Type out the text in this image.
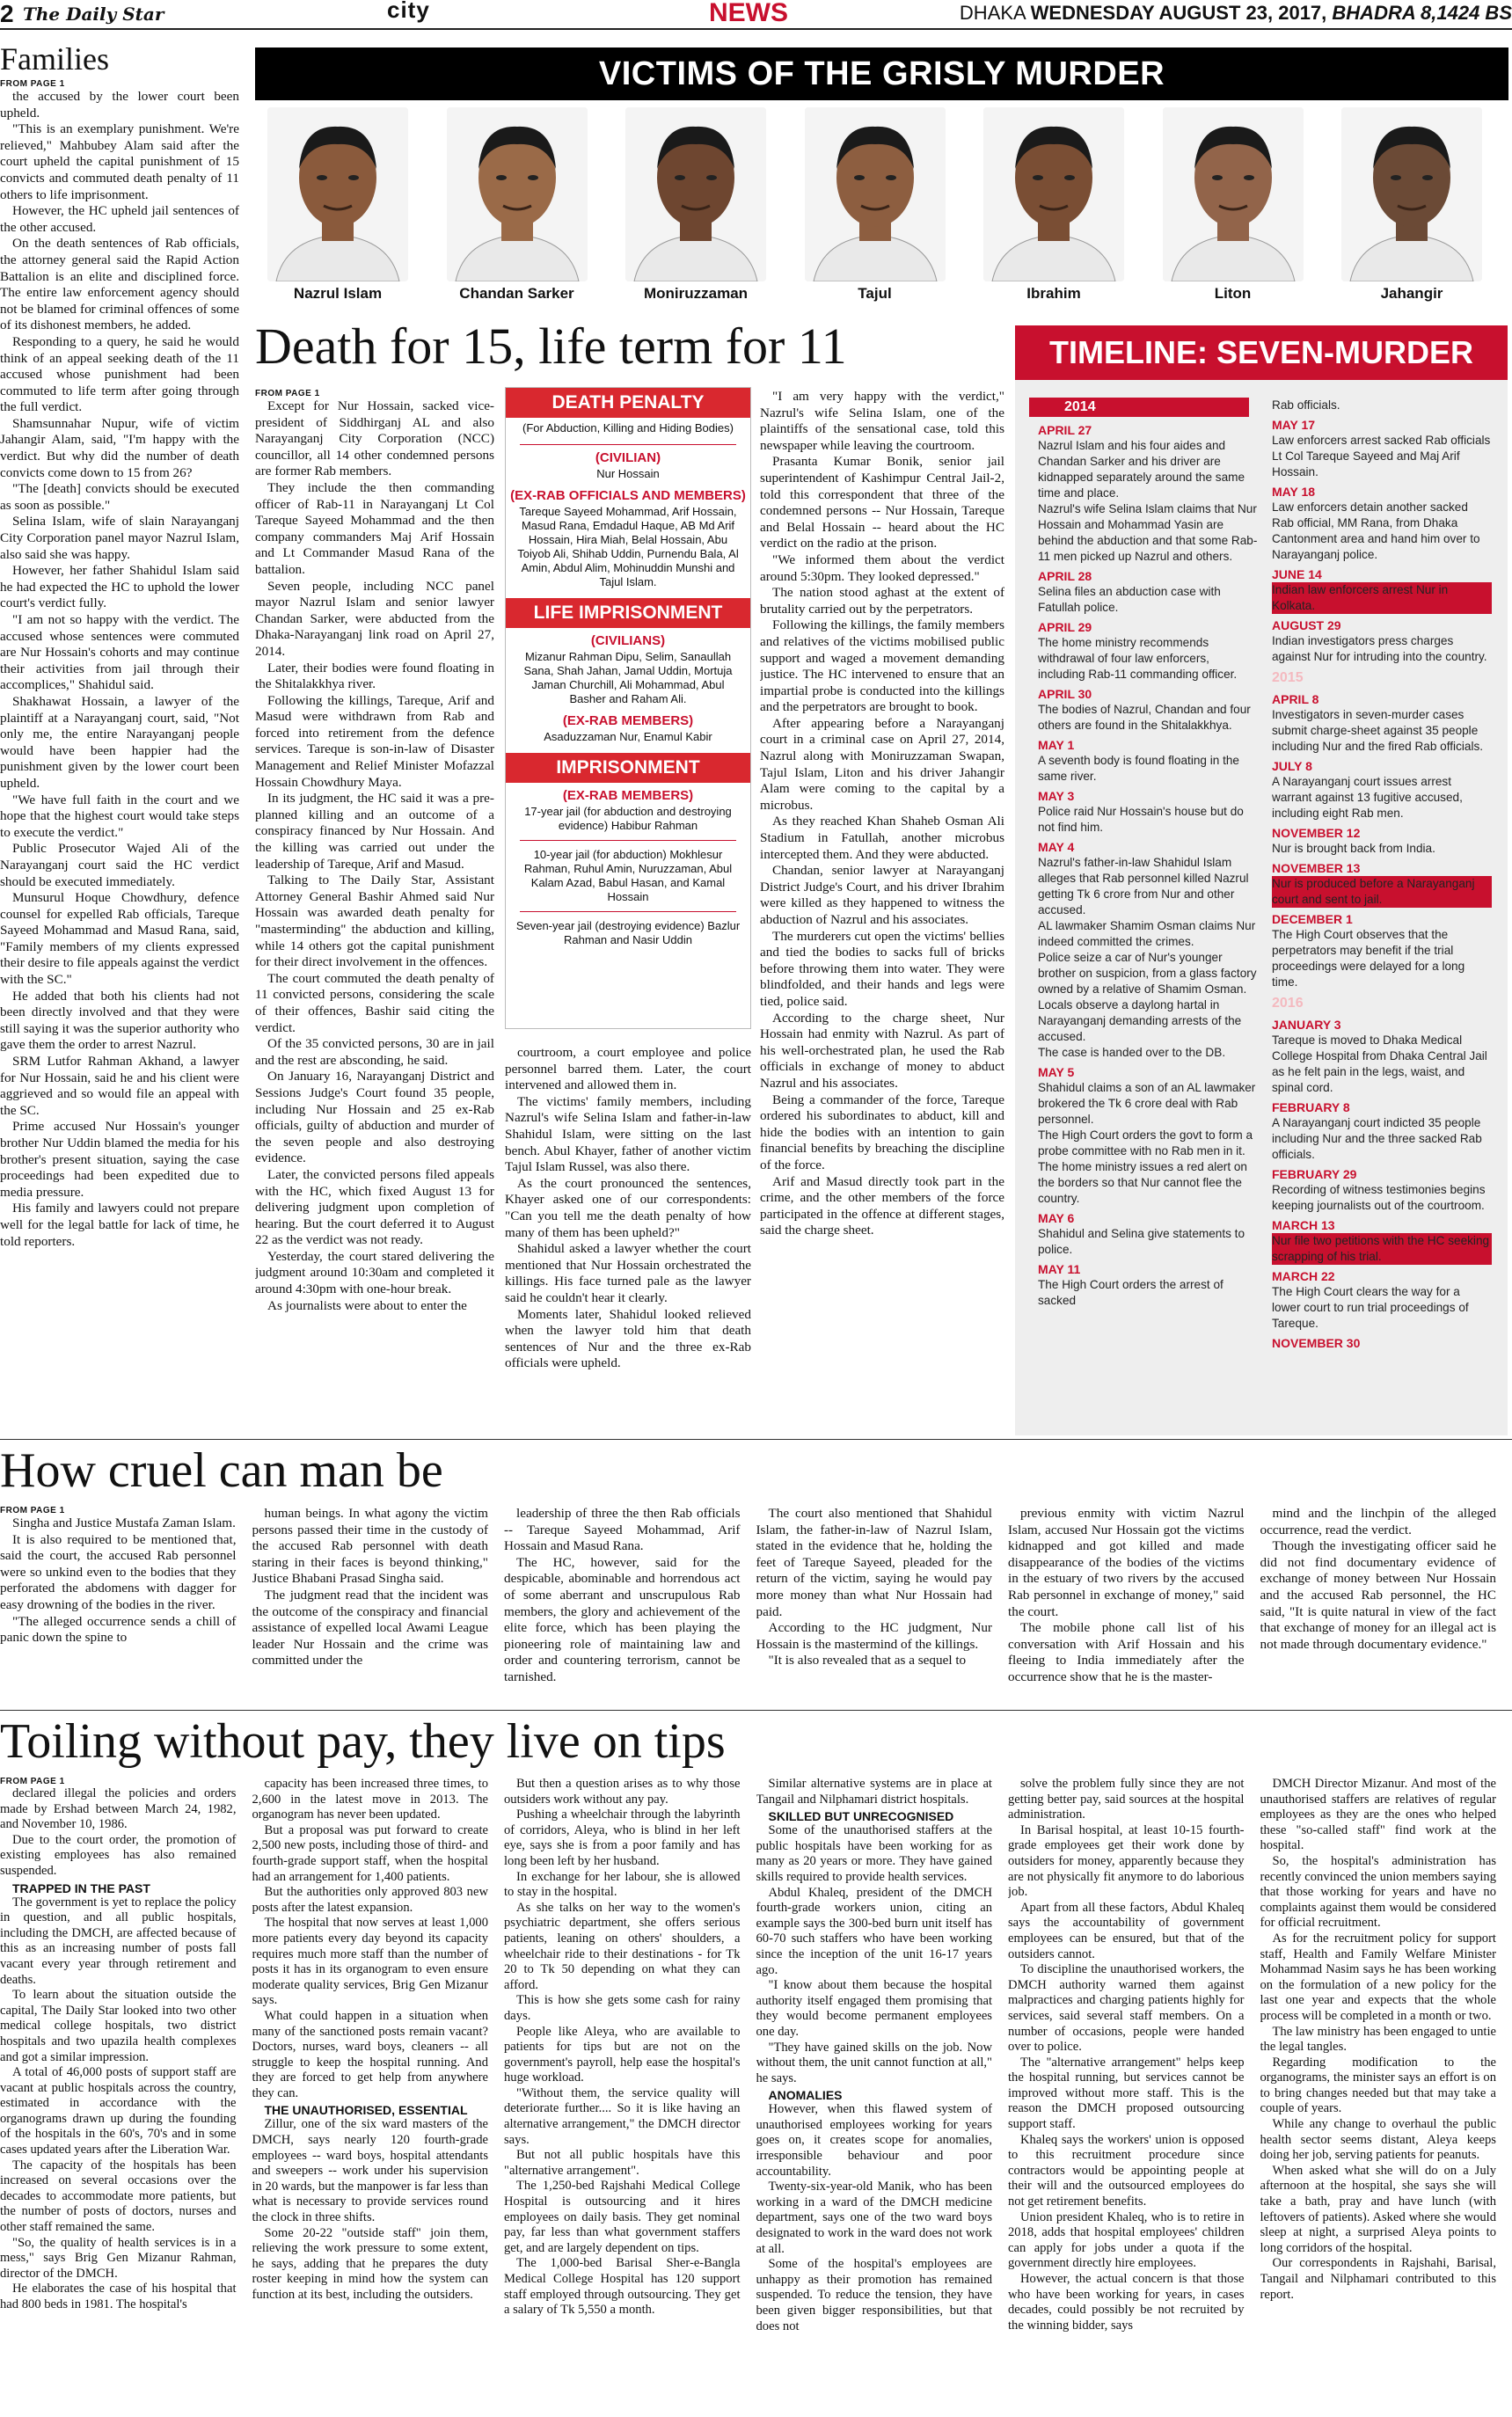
2 The Daily Star	city	NEWS	DHAKA WEDNESDAY AUGUST 23, 2017, BHADRA 8,1424 BS
Families
FROM PAGE 1

the accused by the lower court been upheld.

"This is an exemplary punishment. We're relieved," Mahbubey Alam said after the court upheld the capital punishment of 15 convicts and commuted death penalty of 11 others to life imprisonment.

However, the HC upheld jail sentences of the other accused.

On the death sentences of Rab officials, the attorney general said the Rapid Action Battalion is an elite and disciplined force. The entire law enforcement agency should not be blamed for criminal offences of some of its dishonest members, he added.

Responding to a query, he said he would think of an appeal seeking death of the 11 accused whose punishment had been commuted to life term after going through the full verdict.

Shamsunnahar Nupur, wife of victim Jahangir Alam, said, "I'm happy with the verdict. But why did the number of death convicts come down to 15 from 26?

"The [death] convicts should be executed as soon as possible."

Selina Islam, wife of slain Narayanganj City Corporation panel mayor Nazrul Islam, also said she was happy.

However, her father Shahidul Islam said he had expected the HC to uphold the lower court's verdict fully.

"I am not so happy with the verdict. The accused whose sentences were commuted are Nur Hossain's cohorts and may continue their activities from jail through their accomplices," Shahidul said.

Shakhawat Hossain, a lawyer of the plaintiff at a Narayanganj court, said, "Not only me, the entire Narayanganj people would have been happier had the punishment given by the lower court been upheld.

"We have full faith in the court and we hope that the highest court would take steps to execute the verdict."

Public Prosecutor Wajed Ali of the Narayanganj court said the HC verdict should be executed immediately.

Munsurul Hoque Chowdhury, defence counsel for expelled Rab officials, Tareque Sayeed Mohammad and Masud Rana, said, "Family members of my clients expressed their desire to file appeals against the verdict with the SC."

He added that both his clients had not been directly involved and that they were still saying it was the superior authority who gave them the order to arrest Nazrul.

SRM Lutfor Rahman Akhand, a lawyer for Nur Hossain, said he and his client were aggrieved and so would file an appeal with the SC.

Prime accused Nur Hossain's younger brother Nur Uddin blamed the media for his brother's present situation, saying the case proceedings had been expedited due to media pressure.

His family and lawyers could not prepare well for the legal battle for lack of time, he told reporters.

VICTIMS OF THE GRISLY MURDER
Nazrul Islam	Chandan Sarker	Moniruzzaman	Tajul	Ibrahim	Liton	Jahangir
Death for 15, life term for 11
FROM PAGE 1

Except for Nur Hossain, sacked vice-president of Siddhirganj AL and also Narayanganj City Corporation (NCC) councillor, all 14 other condemned persons are former Rab members.

They include the then commanding officer of Rab-11 in Narayanganj Lt Col Tareque Sayeed Mohammad and the then company commanders Maj Arif Hossain and Lt Commander Masud Rana of the battalion.

Seven people, including NCC panel mayor Nazrul Islam and senior lawyer Chandan Sarker, were abducted from the Dhaka-Narayanganj link road on April 27, 2014.

Later, their bodies were found floating in the Shitalakkhya river.

Following the killings, Tareque, Arif and Masud were withdrawn from Rab and forced into retirement from the defence services. Tareque is son-in-law of Disaster Management and Relief Minister Mofazzal Hossain Chowdhury Maya.

In its judgment, the HC said it was a pre-planned killing and an outcome of a conspiracy financed by Nur Hossain. And the killing was carried out under the leadership of Tareque, Arif and Masud.

Talking to The Daily Star, Assistant Attorney General Bashir Ahmed said Nur Hossain was awarded death penalty for "masterminding" the abduction and killing, while 14 others got the capital punishment for their direct involvement in the offences.

The court commuted the death penalty of 11 convicted persons, considering the scale of their offences, Bashir said citing the verdict.

Of the 35 convicted persons, 30 are in jail and the rest are absconding, he said.

On January 16, Narayanganj District and Sessions Judge's Court found 35 people, including Nur Hossain and 25 ex-Rab officials, guilty of abduction and murder of the seven people and also destroying evidence.

Later, the convicted persons filed appeals with the HC, which fixed August 13 for delivering judgment upon completion of hearing. But the court deferred it to August 22 as the verdict was not ready.

Yesterday, the court stared delivering the judgment around 10:30am and completed it around 4:30pm with one-hour break.

As journalists were about to enter the

DEATH PENALTY
(For Abduction, Killing and Hiding Bodies)
(CIVILIAN)
Nur Hossain
(EX-RAB OFFICIALS AND MEMBERS)
Tareque Sayeed Mohammad, Arif Hossain, Masud Rana, Emdadul Haque, AB Md Arif Hossain, Hira Miah, Belal Hossain, Abu Toiyob Ali, Shihab Uddin, Purnendu Bala, Al Amin, Abdul Alim, Mohinuddin Munshi and Tajul Islam.
LIFE IMPRISONMENT
(CIVILIANS)
Mizanur Rahman Dipu, Selim, Sanaullah Sana, Shah Jahan, Jamal Uddin, Mortuja Jaman Churchill, Ali Mohammad, Abul Basher and Raham Ali.
(EX-RAB MEMBERS)
Asaduzzaman Nur, Enamul Kabir
IMPRISONMENT
(EX-RAB MEMBERS)
17-year jail (for abduction and destroying evidence) Habibur Rahman
10-year jail (for abduction) Mokhlesur Rahman, Ruhul Amin, Nuruzzaman, Abul Kalam Azad, Babul Hasan, and Kamal Hossain
Seven-year jail (destroying evidence) Bazlur Rahman and Nasir Uddin

courtroom, a court employee and police personnel barred them. Later, the court intervened and allowed them in.

The victims' family members, including Nazrul's wife Selina Islam and father-in-law Shahidul Islam, were sitting on the last bench. Abul Khayer, father of another victim Tajul Islam Russel, was also there.

As the court pronounced the sentences, Khayer asked one of our correspondents: "Can you tell me the death penalty of how many of them has been upheld?"

Shahidul asked a lawyer whether the court mentioned that Nur Hossain orchestrated the killings. His face turned pale as the lawyer said he couldn't hear it clearly.

Moments later, Shahidul looked relieved when the lawyer told him that death sentences of Nur and the three ex-Rab officials were upheld.

"I am very happy with the verdict," Nazrul's wife Selina Islam, one of the plaintiffs of the sensational case, told this newspaper while leaving the courtroom.

Prasanta Kumar Bonik, senior jail superintendent of Kashimpur Central Jail-2, told this correspondent that three of the condemned persons -- Nur Hossain, Tareque and Belal Hossain -- heard about the HC verdict on the radio at the prison.

"We informed them about the verdict around 5:30pm. They looked depressed."

The nation stood aghast at the extent of brutality carried out by the perpetrators.

Following the killings, the family members and relatives of the victims mobilised public support and waged a movement demanding justice. The HC intervened to ensure that an impartial probe is conducted into the killings and the perpetrators are brought to book.

After appearing before a Narayanganj court in a criminal case on April 27, 2014, Nazrul along with Moniruzzaman Swapan, Tajul Islam, Liton and his driver Jahangir Alam were coming to the capital by a microbus.

As they reached Khan Shaheb Osman Ali Stadium in Fatullah, another microbus intercepted them. And they were abducted.

Chandan, senior lawyer at Narayanganj District Judge's Court, and his driver Ibrahim were killed as they happened to witness the abduction of Nazrul and his associates.

The murderers cut open the victims' bellies and tied the bodies to sacks full of bricks before throwing them into water. They were blindfolded, and their hands and legs were tied, police said.

According to the charge sheet, Nur Hossain had enmity with Nazrul. As part of his well-orchestrated plan, he used the Rab officials in exchange of money to abduct Nazrul and his associates.

Being a commander of the force, Tareque ordered his subordinates to abduct, kill and hide the bodies with an intention to gain financial benefits by breaching the discipline of the force.

Arif and Masud directly took part in the crime, and the other members of the force participated in the offence at different stages, said the charge sheet.

TIMELINE: SEVEN-MURDER
2014
APRIL 27
Nazrul Islam and his four aides and Chandan Sarker and his driver are kidnapped separately around the same time and place.
Nazrul's wife Selina Islam claims that Nur Hossain and Mohammad Yasin are behind the abduction and that some Rab-11 men picked up Nazrul and others.
APRIL 28
Selina files an abduction case with Fatullah police.
APRIL 29
The home ministry recommends withdrawal of four law enforcers, including Rab-11 commanding officer.
APRIL 30
The bodies of Nazrul, Chandan and four others are found in the Shitalakkhya.
MAY 1
A seventh body is found floating in the same river.
MAY 3
Police raid Nur Hossain's house but do not find him.
MAY 4
Nazrul's father-in-law Shahidul Islam alleges that Rab personnel killed Nazrul getting Tk 6 crore from Nur and other accused.
AL lawmaker Shamim Osman claims Nur indeed committed the crimes.
Police seize a car of Nur's younger brother on suspicion, from a glass factory owned by a relative of Shamim Osman.
Locals observe a daylong hartal in Narayanganj demanding arrests of the accused.
The case is handed over to the DB.
MAY 5
Shahidul claims a son of an AL lawmaker brokered the Tk 6 crore deal with Rab personnel.
The High Court orders the govt to form a probe committee with no Rab men in it.
The home ministry issues a red alert on the borders so that Nur cannot flee the country.
MAY 6
Shahidul and Selina give statements to police.
MAY 11
The High Court orders the arrest of sacked
Rab officials.
MAY 17
Law enforcers arrest sacked Rab officials Lt Col Tareque Sayeed and Maj Arif Hossain.
MAY 18
Law enforcers detain another sacked Rab official, MM Rana, from Dhaka Cantonment area and hand him over to Narayanganj police.
JUNE 14
Indian law enforcers arrest Nur in Kolkata.
AUGUST 29
Indian investigators press charges against Nur for intruding into the country.
2015
APRIL 8
Investigators in seven-murder cases submit charge-sheet against 35 people including Nur and the fired Rab officials.
JULY 8
A Narayanganj court issues arrest warrant against 13 fugitive accused, including eight Rab men.
NOVEMBER 12
Nur is brought back from India.
NOVEMBER 13
Nur is produced before a Narayanganj court and sent to jail.
DECEMBER 1
The High Court observes that the perpetrators may benefit if the trial proceedings were delayed for a long time.
2016
JANUARY 3
Tareque is moved to Dhaka Medical College Hospital from Dhaka Central Jail as he felt pain in the legs, waist, and spinal cord.
FEBRUARY 8
A Narayanganj court indicted 35 people including Nur and the three sacked Rab officials.
FEBRUARY 29
Recording of witness testimonies begins keeping journalists out of the courtroom.
MARCH 13
Nur file two petitions with the HC seeking scrapping of his trial.
MARCH 22
The High Court clears the way for a lower court to run trial proceedings of Tareque.
NOVEMBER 30
How cruel can man be
FROM PAGE 1

Singha and Justice Mustafa Zaman Islam.

It is also required to be mentioned that, said the court, the accused Rab personnel were so unkind even to the bodies that they perforated the abdomens with dagger for easy drowning of the bodies in the river.

"The alleged occurrence sends a chill of panic down the spine to

human beings. In what agony the victim persons passed their time in the custody of the accused Rab personnel with death staring in their faces is beyond thinking," Justice Bhabani Prasad Singha said.

The judgment read that the incident was the outcome of the conspiracy and financial assistance of expelled local Awami League leader Nur Hossain and the crime was committed under the

leadership of three the then Rab officials -- Tareque Sayeed Mohammad, Arif Hossain and Masud Rana.

The HC, however, said for the despicable, abominable and horrendous act of some aberrant and unscrupulous Rab members, the glory and achievement of the elite force, which has been playing the pioneering role of maintaining law and order and countering terrorism, cannot be tarnished.

The court also mentioned that Shahidul Islam, the father-in-law of Nazrul Islam, stated in the evidence that he, holding the feet of Tareque Sayeed, pleaded for the return of the victim, saying he would pay more money than what Nur Hossain had paid.

According to the HC judgment, Nur Hossain is the mastermind of the killings.

"It is also revealed that as a sequel to

previous enmity with victim Nazrul Islam, accused Nur Hossain got the victims kidnapped and got killed and made disappearance of the bodies of the victims in the estuary of two rivers by the accused Rab personnel in exchange of money," said the court.

The mobile phone call list of his conversation with Arif Hossain and his fleeing to India immediately after the occurrence show that he is the master-

mind and the linchpin of the alleged occurrence, read the verdict.

Though the investigating officer said he did not find documentary evidence of exchange of money between Nur Hossain and the accused Rab personnel, the HC said, "It is quite natural in view of the fact that exchange of money for an illegal act is not made through documentary evidence."

Toiling without pay, they live on tips
FROM PAGE 1

declared illegal the policies and orders made by Ershad between March 24, 1982, and November 10, 1986.

Due to the court order, the promotion of existing employees has also remained suspended.

TRAPPED IN THE PAST

The government is yet to replace the policy in question, and all public hospitals, including the DMCH, are affected because of this as an increasing number of posts fall vacant every year through retirement and deaths.

To learn about the situation outside the capital, The Daily Star looked into two other medical college hospitals, two district hospitals and two upazila health complexes and got a similar impression.

A total of 46,000 posts of support staff are vacant at public hospitals across the country, estimated in accordance with the organograms drawn up during the founding of the hospitals in the 60's, 70's and in some cases updated years after the Liberation War.

The capacity of the hospitals has been increased on several occasions over the decades to accommodate more patients, but the number of posts of doctors, nurses and other staff remained the same.

"So, the quality of health services is in a mess," says Brig Gen Mizanur Rahman, director of the DMCH.

He elaborates the case of his hospital that had 800 beds in 1981. The hospital's

capacity has been increased three times, to 2,600 in the latest move in 2013. The organogram has never been updated.

But a proposal was put forward to create 2,500 new posts, including those of third- and fourth-grade support staff, when the hospital had an arrangement for 1,400 patients.

But the authorities only approved 803 new posts after the latest expansion.

The hospital that now serves at least 1,000 more patients every day beyond its capacity requires much more staff than the number of posts it has in its organogram to even ensure moderate quality services, Brig Gen Mizanur says.

What could happen in a situation when many of the sanctioned posts remain vacant? Doctors, nurses, ward boys, cleaners -- all struggle to keep the hospital running. And they are forced to get help from anywhere they can.

THE UNAUTHORISED, ESSENTIAL

Zillur, one of the six ward masters of the DMCH, says nearly 120 fourth-grade employees -- ward boys, hospital attendants and sweepers -- work under his supervision in 20 wards, but the manpower is far less than what is necessary to provide services round the clock in three shifts.

Some 20-22 "outside staff" join them, relieving the work pressure to some extent, he says, adding that he prepares the duty roster keeping in mind how the system can function at its best, including the outsiders.

But then a question arises as to why those outsiders work without any pay.

Pushing a wheelchair through the labyrinth of corridors, Aleya, who is blind in her left eye, says she is from a poor family and has long been left by her husband.

In exchange for her labour, she is allowed to stay in the hospital.

As she talks on her way to the women's psychiatric department, she offers serious patients, leaning on others' shoulders, a wheelchair ride to their destinations - for Tk 20 to Tk 50 depending on what they can afford.

This is how she gets some cash for rainy days.

People like Aleya, who are available to patients for tips but are not on the government's payroll, help ease the hospital's huge workload.

"Without them, the service quality will deteriorate further.... So it is like having an alternative arrangement," the DMCH director says.

But not all public hospitals have this "alternative arrangement".

The 1,250-bed Rajshahi Medical College Hospital is outsourcing and it hires employees on daily basis. They get nominal pay, far less than what government staffers get, and are largely dependent on tips.

The 1,000-bed Barisal Sher-e-Bangla Medical College Hospital has 120 support staff employed through outsourcing. They get a salary of Tk 5,550 a month.

Similar alternative systems are in place at Tangail and Nilphamari district hospitals.

SKILLED BUT UNRECOGNISED

Some of the unauthorised staffers at the public hospitals have been working for as many as 20 years or more. They have gained skills required to provide health services.

Abdul Khaleq, president of the DMCH fourth-grade workers union, citing an example says the 300-bed burn unit itself has 60-70 such staffers who have been working since the inception of the unit 16-17 years ago.

"I know about them because the hospital authority itself engaged them promising that they would become permanent employees one day.

"They have gained skills on the job. Now without them, the unit cannot function at all," he says.

ANOMALIES

However, when this flawed system of unauthorised employees working for years goes on, it creates scope for anomalies, irresponsible behaviour and poor accountability.

Twenty-six-year-old Manik, who has been working in a ward of the DMCH medicine department, says one of the two ward boys designated to work in the ward does not work at all.

Some of the hospital's employees are unhappy as their promotion has remained suspended. To reduce the tension, they have been given bigger responsibilities, but that does not

solve the problem fully since they are not getting better pay, said sources at the hospital administration.

In Barisal hospital, at least 10-15 fourth-grade employees get their work done by outsiders for money, apparently because they are not physically fit anymore to do laborious job.

Apart from all these factors, Abdul Khaleq says the accountability of government employees can be ensured, but that of the outsiders cannot.

To discipline the unauthorised workers, the DMCH authority warned them against malpractices and charging patients highly for services, said several staff members. On a number of occasions, people were handed over to police.

The "alternative arrangement" helps keep the hospital running, but services cannot be improved without more staff. This is the reason the DMCH proposed outsourcing support staff.

Khaleq says the workers' union is opposed to this recruitment procedure since contractors would be appointing people at their will and the outsourced employees do not get retirement benefits.

Union president Khaleq, who is to retire in 2018, adds that hospital employees' children can apply for jobs under a quota if the government directly hire employees.

However, the actual concern is that those who have been working for years, in cases decades, could possibly be not recruited by the winning bidder, says

DMCH Director Mizanur. And most of the unauthorised staffers are relatives of regular employees as they are the ones who helped these "so-called staff" find work at the hospital.

So, the hospital's administration has recently convinced the union members saying that those working for years and have no complaints against them would be considered for official recruitment.

As for the recruitment policy for support staff, Health and Family Welfare Minister Mohammad Nasim says he has been working on the formulation of a new policy for the last one year and expects that the whole process will be completed in a month or two.

The law ministry has been engaged to untie the legal tangles.

Regarding modification to the organograms, the minister says an effort is on to bring changes needed but that may take a couple of years.

While any change to overhaul the public health sector seems distant, Aleya keeps doing her job, serving patients for peanuts.

When asked what she will do on a July afternoon at the hospital, she says she will take a bath, pray and have lunch (with leftovers of patients). Asked where she would sleep at night, a surprised Aleya points to long corridors of the hospital.

Our correspondents in Rajshahi, Barisal, Tangail and Nilphamari contributed to this report.
